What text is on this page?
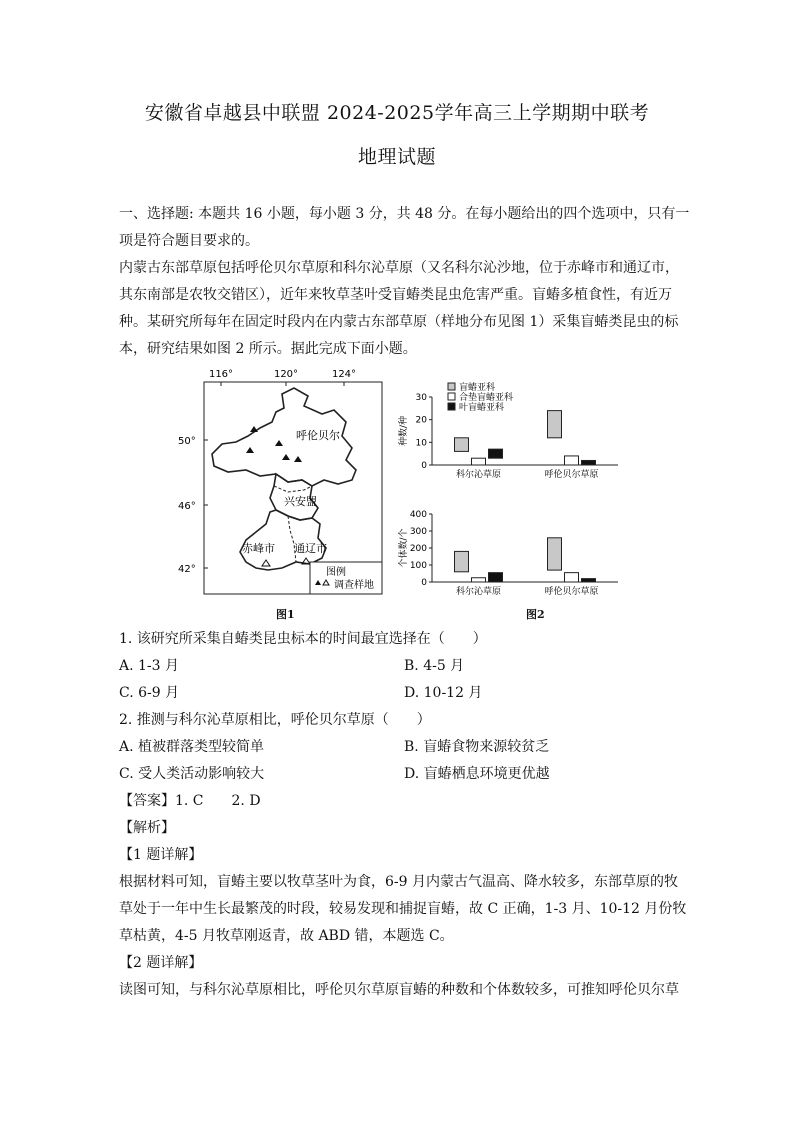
安徽省卓越县中联盟 2024-2025学年高三上学期期中联考
地理试题
一、选择题: 本题共 16 小题，每小题 3 分，共 48 分。在每小题给出的四个选项中，只有一
项是符合题目要求的。
内蒙古东部草原包括呼伦贝尔草原和科尔沁草原（又名科尔沁沙地，位于赤峰市和通辽市，
其东南部是农牧交错区），近年来牧草茎叶受盲蝽类昆虫危害严重。盲蝽多植食性，有近万
种。某研究所每年在固定时段内在内蒙古东部草原（样地分布见图 1）采集盲蝽类昆虫的标
本，研究结果如图 2 所示。据此完成下面小题。
116°	120°	124°
50°
46°
42°
呼伦贝尔
兴安盟
赤峰市 通辽市
图例
调查样地
图1
0
10
20
30
种数/种
科尔沁草原	呼伦贝尔草原
盲蝽亚科
合垫盲蝽亚科
叶盲蝽亚科
0
100
200
300
400
个体数/个
科尔沁草原	呼伦贝尔草原
图2
1. 该研究所采集自蝽类昆虫标本的时间最宜选择在（　　）
A. 1-3 月	B. 4-5 月
C. 6-9 月	D. 10-12 月
2. 推测与科尔沁草原相比，呼伦贝尔草原（　　）
A. 植被群落类型较简单	B. 盲蝽食物来源较贫乏
C. 受人类活动影响较大	D. 盲蝽栖息环境更优越
【答案】1. C　　2. D
【解析】
【1 题详解】
根据材料可知，盲蝽主要以牧草茎叶为食，6-9 月内蒙古气温高、降水较多，东部草原的牧
草处于一年中生长最繁茂的时段，较易发现和捕捉盲蝽，故 C 正确，1-3 月、10-12 月份牧
草枯黄，4-5 月牧草刚返青，故 ABD 错，本题选 C。
【2 题详解】
读图可知，与科尔沁草原相比，呼伦贝尔草原盲蝽的种数和个体数较多，可推知呼伦贝尔草
